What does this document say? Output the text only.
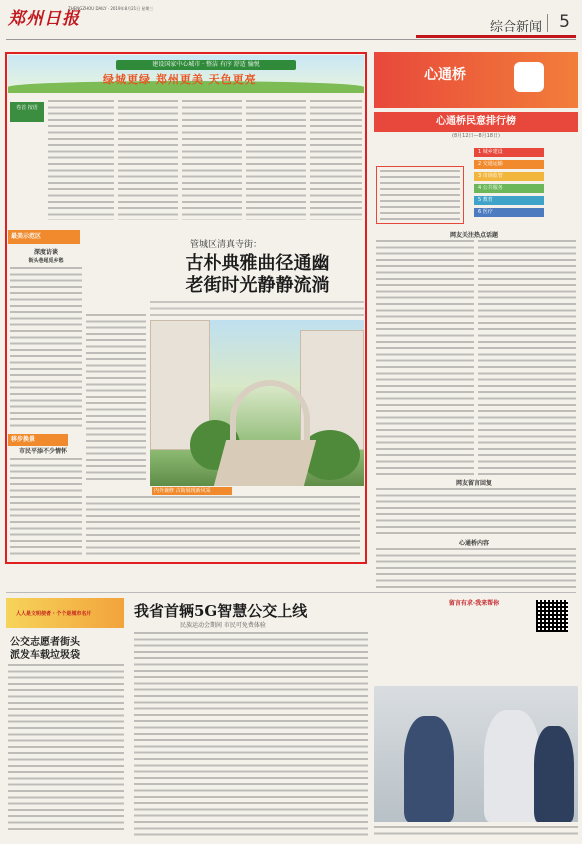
郑州日报
ZHENGZHOU DAILY · 2019年8月21日 星期三
综合新闻 5
建设国家中心城市 · 整洁 有序 舒适 愉悦
绿城更绿 郑州更美 天色更亮
卷首 按语
最美示范区
管城区清真寺街：
古朴典雅曲径通幽
老街时光静静流淌
深度访谈
街头巷尾觅乡愁
移步换景
市民平添不少情怀
内外兼修 古街展现新风采
心通桥
心通桥民意排行榜
(8月12日—8月18日)
1 城乡建设
2 交通运输
3 市场监管
4 公共服务
5 教育
6 医疗
网友关注热点话题
网友留言回复
心通桥内容
留言有求·我来帮你
人人是文明使者 · 个个是城市名片
公交志愿者街头
派发车载垃圾袋
我省首辆5G智慧公交上线
民族运动会期间 市民可免费体验
